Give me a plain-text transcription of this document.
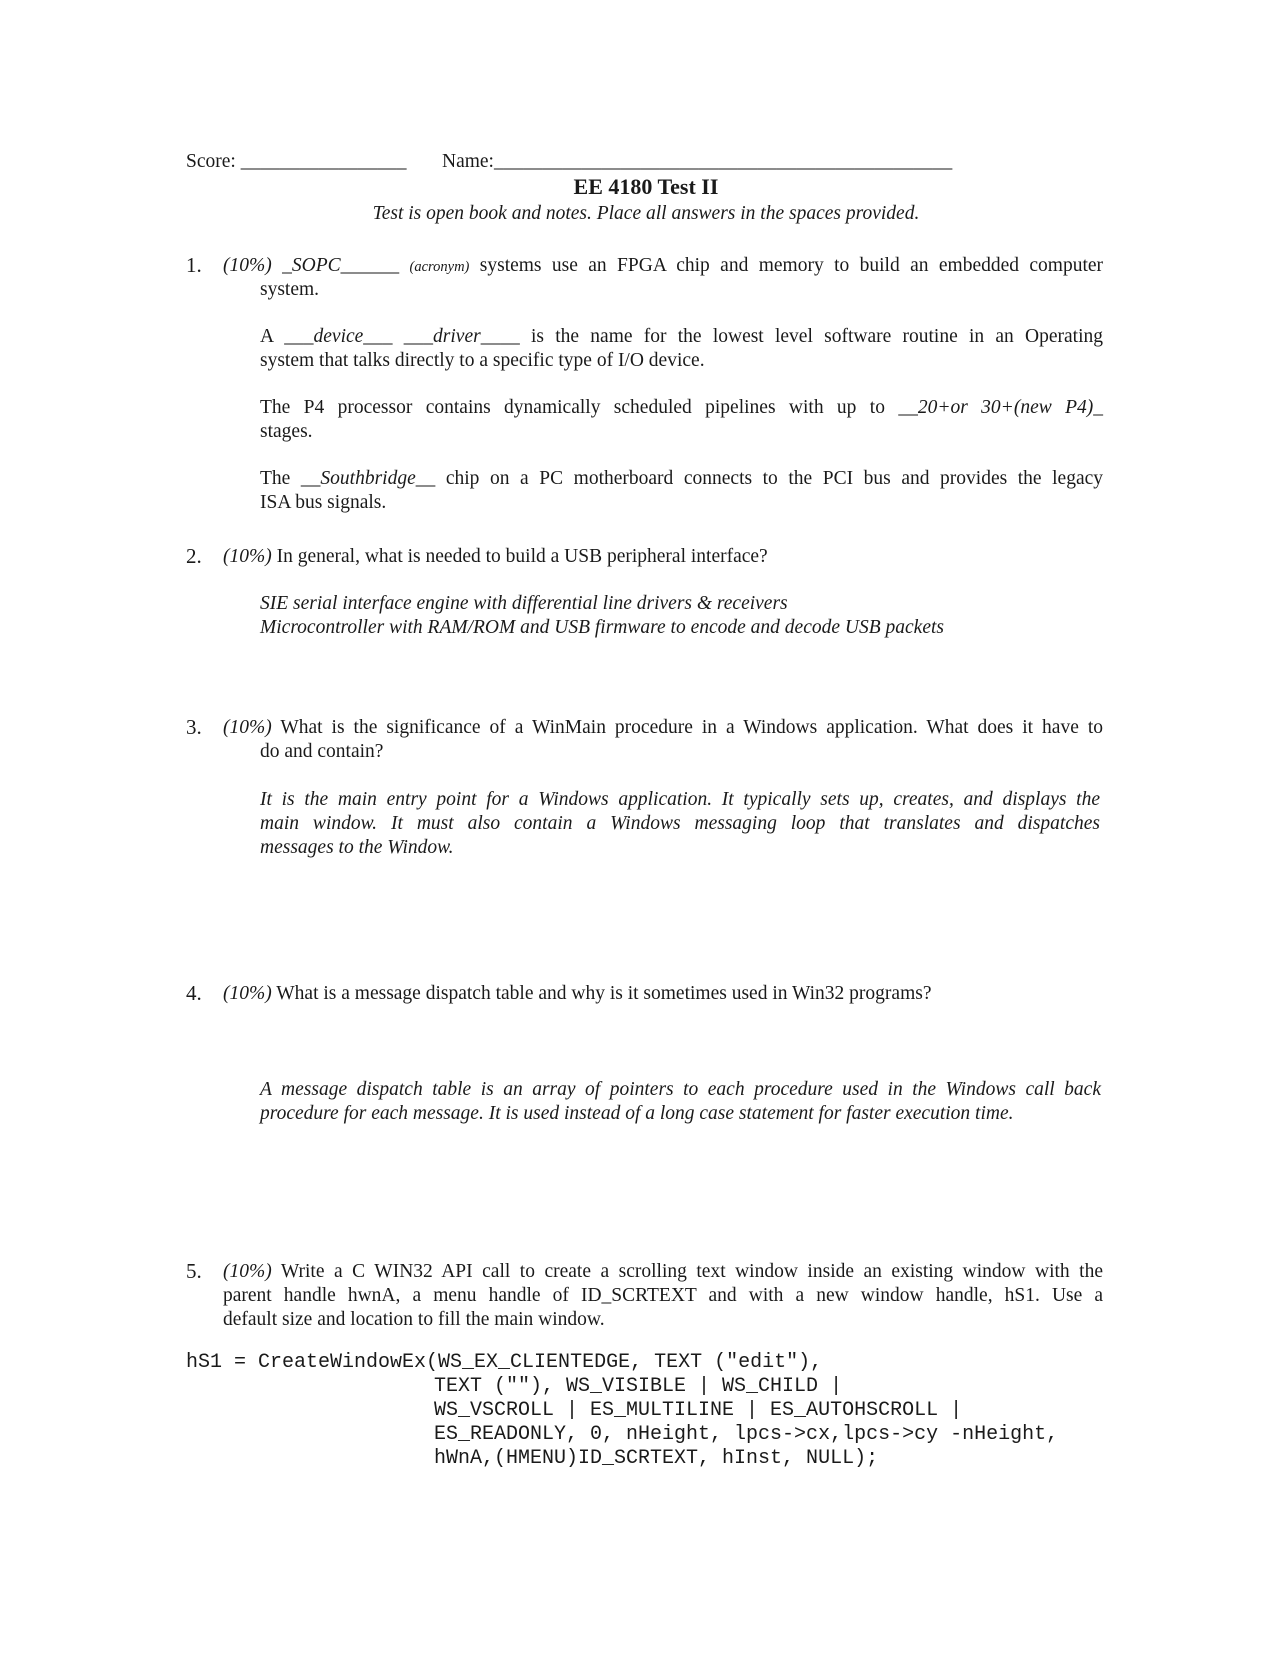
Score: _________________ Name:_______________________________________________
EE 4180 Test II
Test is open book and notes. Place all answers in the spaces provided.
1. (10%) _SOPC______ (acronym) systems use an FPGA chip and memory to build an embedded computer
system.
A ___device___ ___driver____ is the name for the lowest level software routine in an Operating
system that talks directly to a specific type of I/O device.
The P4 processor contains dynamically scheduled pipelines with up to __20+or 30+(new P4)_
stages.
The __Southbridge__ chip on a PC motherboard connects to the PCI bus and provides the legacy
ISA bus signals.
2. (10%) In general, what is needed to build a USB peripheral interface?
SIE serial interface engine with differential line drivers & receivers
Microcontroller with RAM/ROM and USB firmware to encode and decode USB packets
3. (10%) What is the significance of a WinMain procedure in a Windows application. What does it have to
do and contain?
It is the main entry point for a Windows application. It typically sets up, creates, and displays the
main window. It must also contain a Windows messaging loop that translates and dispatches
messages to the Window.
4. (10%) What is a message dispatch table and why is it sometimes used in Win32 programs?
A message dispatch table is an array of pointers to each procedure used in the Windows call back
procedure for each message. It is used instead of a long case statement for faster execution time.
5. (10%) Write a C WIN32 API call to create a scrolling text window inside an existing window with the
parent handle hwnA, a menu handle of ID_SCRTEXT and with a new window handle, hS1. Use a
default size and location to fill the main window.
hS1 = CreateWindowEx(WS_EX_CLIENTEDGE, TEXT ("edit"),
TEXT (""), WS_VISIBLE | WS_CHILD |
WS_VSCROLL | ES_MULTILINE | ES_AUTOHSCROLL |
ES_READONLY, 0, nHeight, lpcs->cx,lpcs->cy -nHeight,
hWnA,(HMENU)ID_SCRTEXT, hInst, NULL);
